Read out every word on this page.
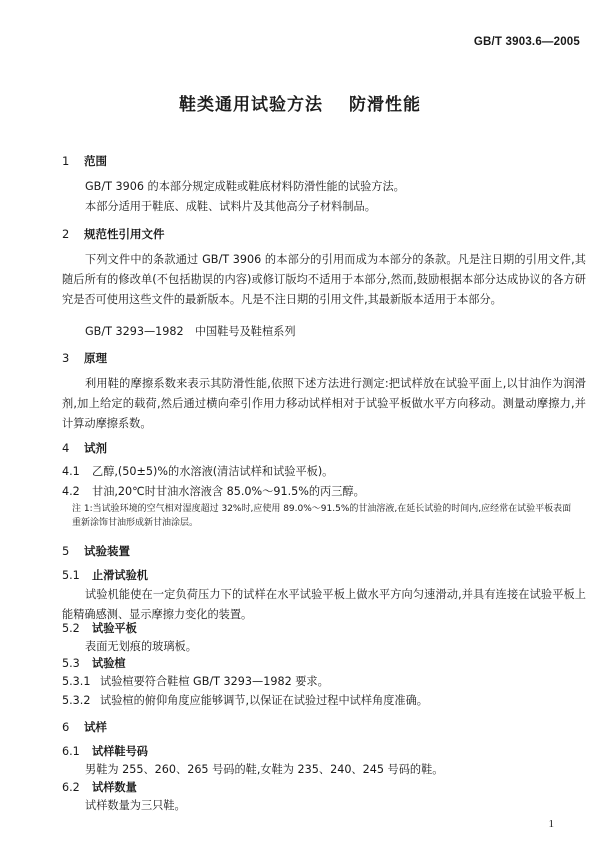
GB/T 3903.6—2005
鞋类通用试验方法 防滑性能
1 范围
GB/T 3906 的本部分规定成鞋或鞋底材料防滑性能的试验方法。
本部分适用于鞋底、成鞋、试料片及其他高分子材料制品。
2 规范性引用文件
下列文件中的条款通过 GB/T 3906 的本部分的引用而成为本部分的条款。凡是注日期的引用文件,其随后所有的修改单(不包括勘误的内容)或修订版均不适用于本部分,然而,鼓励根据本部分达成协议的各方研究是否可使用这些文件的最新版本。凡是不注日期的引用文件,其最新版本适用于本部分。
GB/T 3293—1982　中国鞋号及鞋楦系列
3 原理
利用鞋的摩擦系数来表示其防滑性能,依照下述方法进行测定:把试样放在试验平面上,以甘油作为润滑剂,加上给定的载荷,然后通过横向牵引作用力移动试样相对于试验平板做水平方向移动。测量动摩擦力,并计算动摩擦系数。
4 试剂
4.1 乙醇,(50±5)%的水溶液(清洁试样和试验平板)。
4.2 甘油,20℃时甘油水溶液含 85.0%～91.5%的丙三醇。
注 1:当试验环境的空气相对湿度超过 32%时,应使用 89.0%～91.5%的甘油溶液,在延长试验的时间内,应经常在试验平板表面重新涂饰甘油形成新甘油涂层。
5 试验装置
5.1 止滑试验机
试验机能使在一定负荷压力下的试样在水平试验平板上做水平方向匀速滑动,并具有连接在试验平板上能精确感测、显示摩擦力变化的装置。
5.2 试验平板
表面无划痕的玻璃板。
5.3 试验楦
5.3.1 试验楦要符合鞋楦 GB/T 3293—1982 要求。
5.3.2 试验楦的俯仰角度应能够调节,以保证在试验过程中试样角度准确。
6 试样
6.1 试样鞋号码
男鞋为 255、260、265 号码的鞋,女鞋为 235、240、245 号码的鞋。
6.2 试样数量
试样数量为三只鞋。
1
